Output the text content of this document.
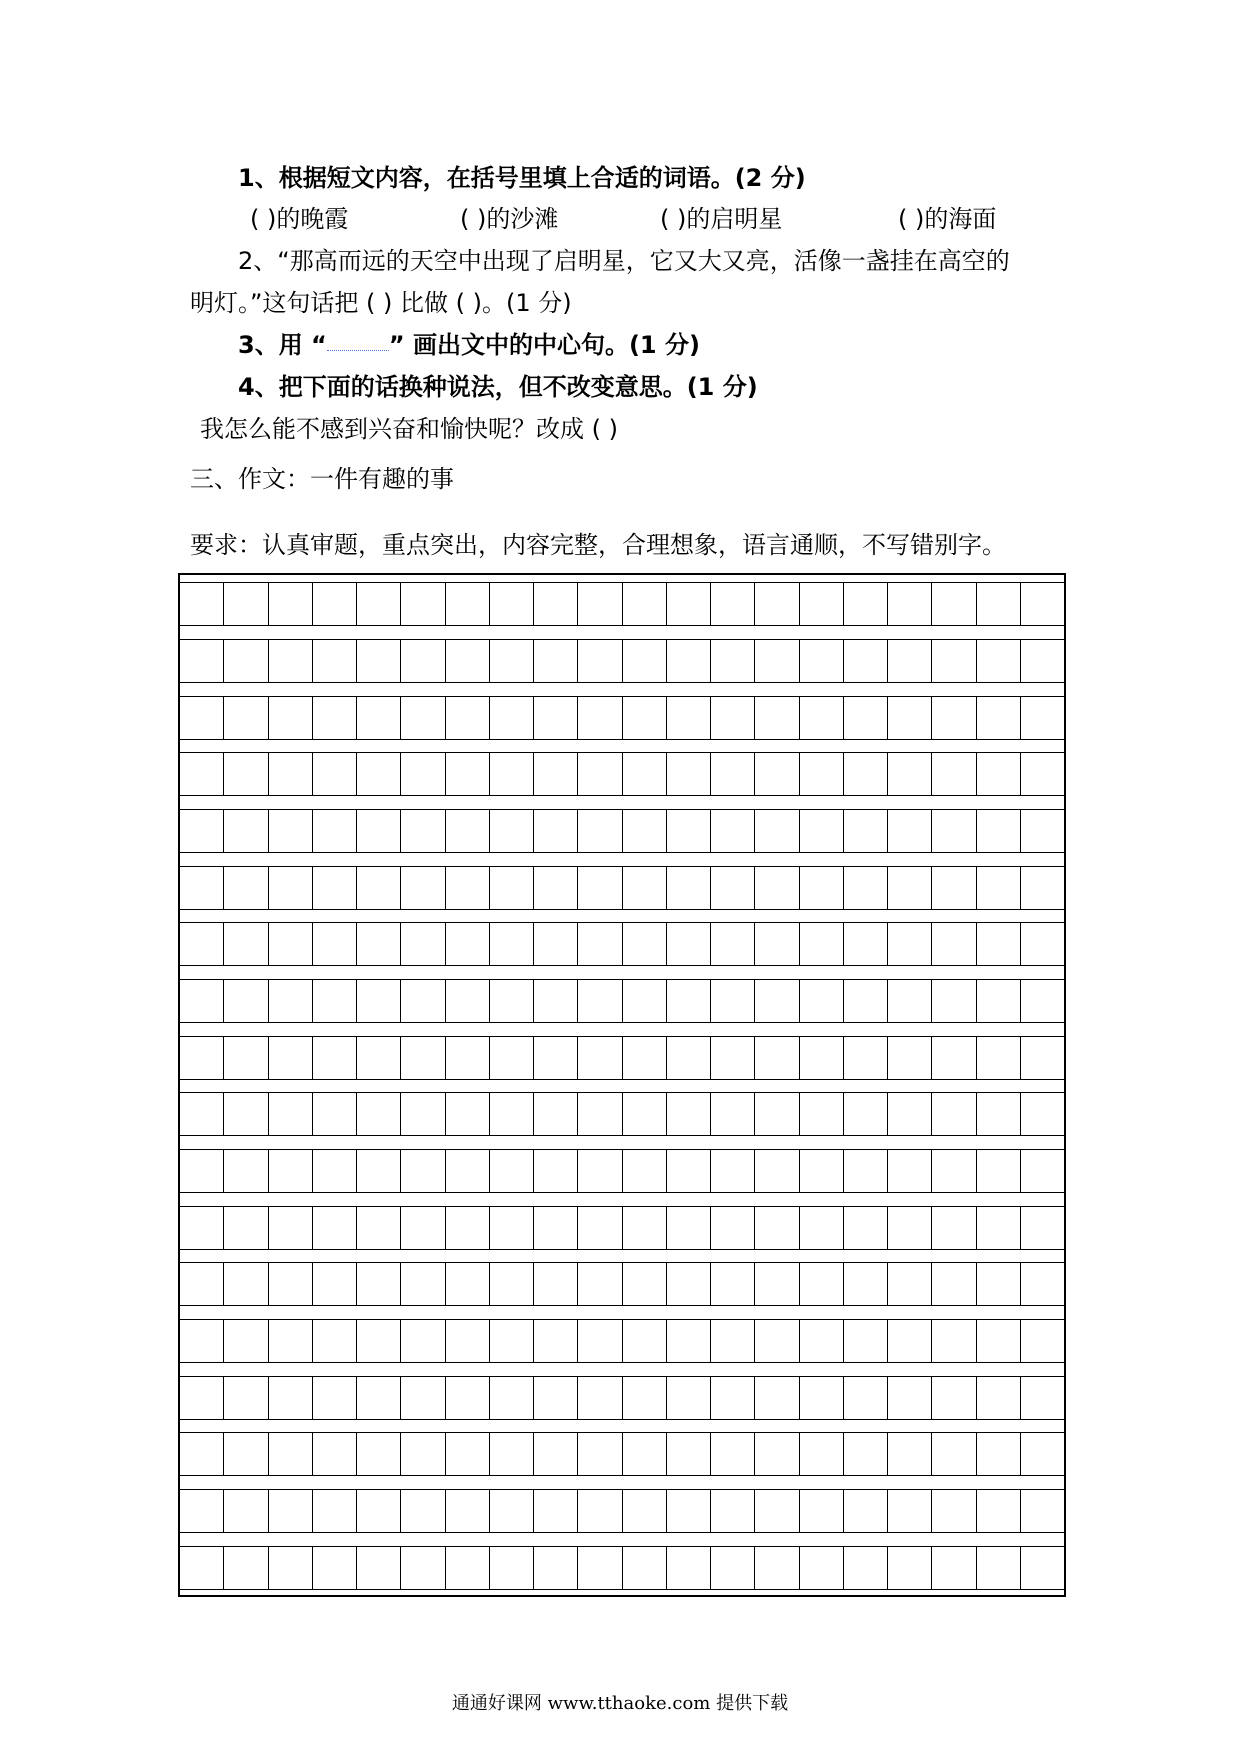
1、根据短文内容，在括号里填上合适的词语。(2 分)
( )的晚霞	( )的沙滩	( )的启明星	( )的海面
2、“那高而远的天空中出现了启明星，它又大又亮，活像一盏挂在高空的
明灯。”这句话把 ( ) 比做 ( )。(1 分)
3、用 “	” 画出文中的中心句。(1 分)
4、把下面的话换种说法，但不改变意思。(1 分)
我怎么能不感到兴奋和愉快呢？改成 ( )
三、作文：一件有趣的事
要求：认真审题，重点突出，内容完整，合理想象，语言通顺，不写错别字。
通通好课网 www.tthaoke.com 提供下载
